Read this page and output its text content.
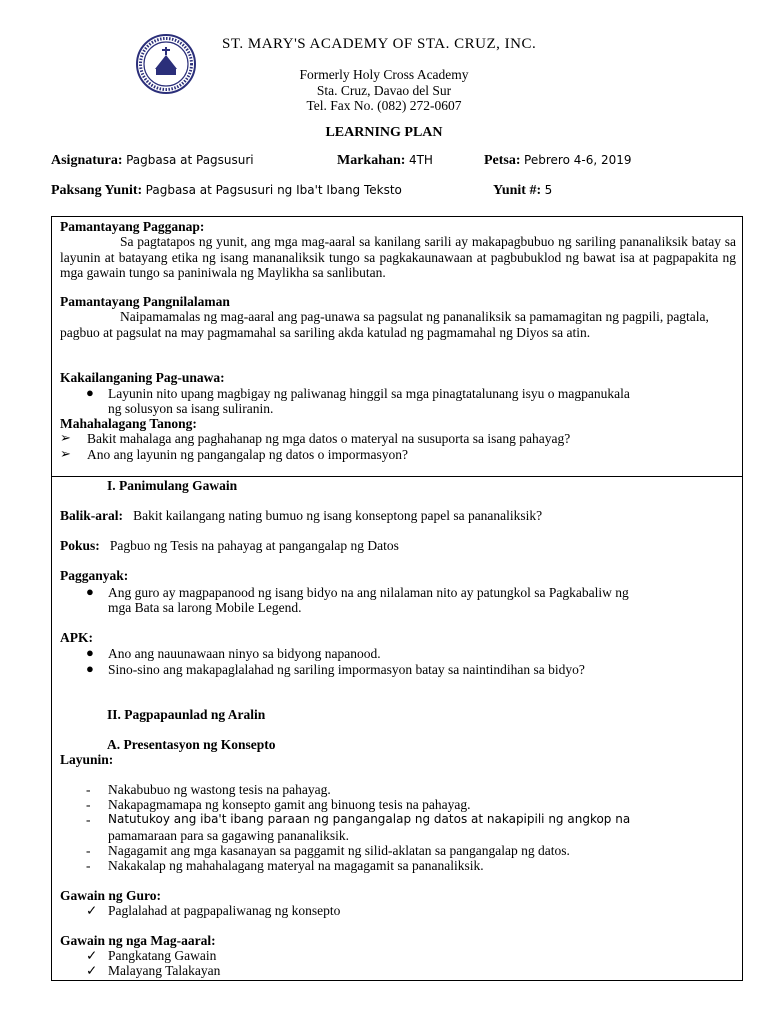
ST. MARY'S ACADEMY OF STA. CRUZ, INC.
Formerly Holy Cross Academy
Sta. Cruz, Davao del Sur
Tel. Fax No. (082) 272-0607
LEARNING PLAN
Asignatura: Pagbasa at Pagsusuri	Markahan: 4TH	Petsa: Pebrero 4-6, 2019
Paksang Yunit: Pagbasa at Pagsusuri ng Iba't Ibang Teksto	Yunit #: 5
Pamantayang Pagganap:
Sa pagtatapos ng yunit, ang mga mag-aaral sa kanilang sarili ay makapagbubuo ng sariling pananaliksik batay sa layunin at batayang etika ng isang mananaliksik tungo sa pagkakaunawaan at pagbubuklod ng bawat isa at pagpapakita ng mga gawain tungo sa paniniwala ng Maylikha sa sanlibutan.
Pamantayang Pangnilalaman
Naipamamalas ng mag-aaral ang pag-unawa sa pagsulat ng pananaliksik sa pamamagitan ng pagpili, pagtala, pagbuo at pagsulat na may pagmamahal sa sariling akda katulad ng pagmamahal ng Diyos sa atin.
Kakailanganing Pag-unawa:
● Layunin nito upang magbigay ng paliwanag hinggil sa mga pinagtatalunang isyu o magpanukala
ng solusyon sa isang suliranin.
Mahahalagang Tanong:
➢ Bakit mahalaga ang paghahanap ng mga datos o materyal na susuporta sa isang pahayag?
➢ Ano ang layunin ng pangangalap ng datos o impormasyon?
I. Panimulang Gawain
Balik-aral: Bakit kailangang nating bumuo ng isang konseptong papel sa pananaliksik?
Pokus: Pagbuo ng Tesis na pahayag at pangangalap ng Datos
Pagganyak:
● Ang guro ay magpapanood ng isang bidyo na ang nilalaman nito ay patungkol sa Pagkabaliw ng
mga Bata sa larong Mobile Legend.
APK:
● Ano ang nauunawaan ninyo sa bidyong napanood.
● Sino-sino ang makapaglalahad ng sariling impormasyon batay sa naintindihan sa bidyo?
II. Pagpapaunlad ng Aralin
A. Presentasyon ng Konsepto
Layunin:
- Nakabubuo ng wastong tesis na pahayag.
- Nakapagmamapa ng konsepto gamit ang binuong tesis na pahayag.
- Natutukoy ang iba't ibang paraan ng pangangalap ng datos at nakapipili ng angkop na
pamamaraan para sa gagawing pananaliksik.
- Nagagamit ang mga kasanayan sa paggamit ng silid-aklatan sa pangangalap ng datos.
- Nakakalap ng mahahalagang materyal na magagamit sa pananaliksik.
Gawain ng Guro:
✓ Paglalahad at pagpapaliwanag ng konsepto
Gawain ng nga Mag-aaral:
✓ Pangkatang Gawain
✓ Malayang Talakayan
